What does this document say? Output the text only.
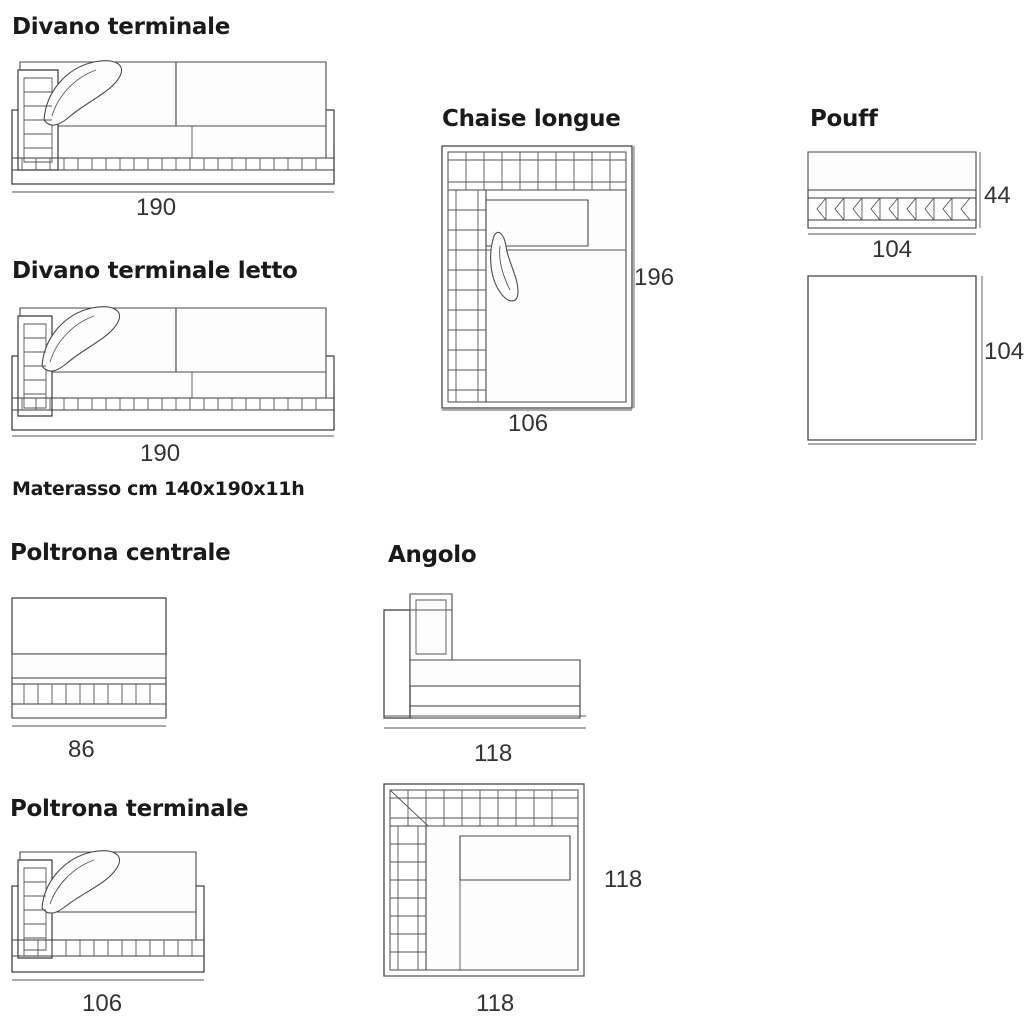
Divano terminale
190
Divano terminale letto
190
Materasso cm 140x190x11h
Poltrona centrale
86
Poltrona terminale
106
Chaise longue
196
106
Angolo
118
118
118
Pouff
44
104
104
